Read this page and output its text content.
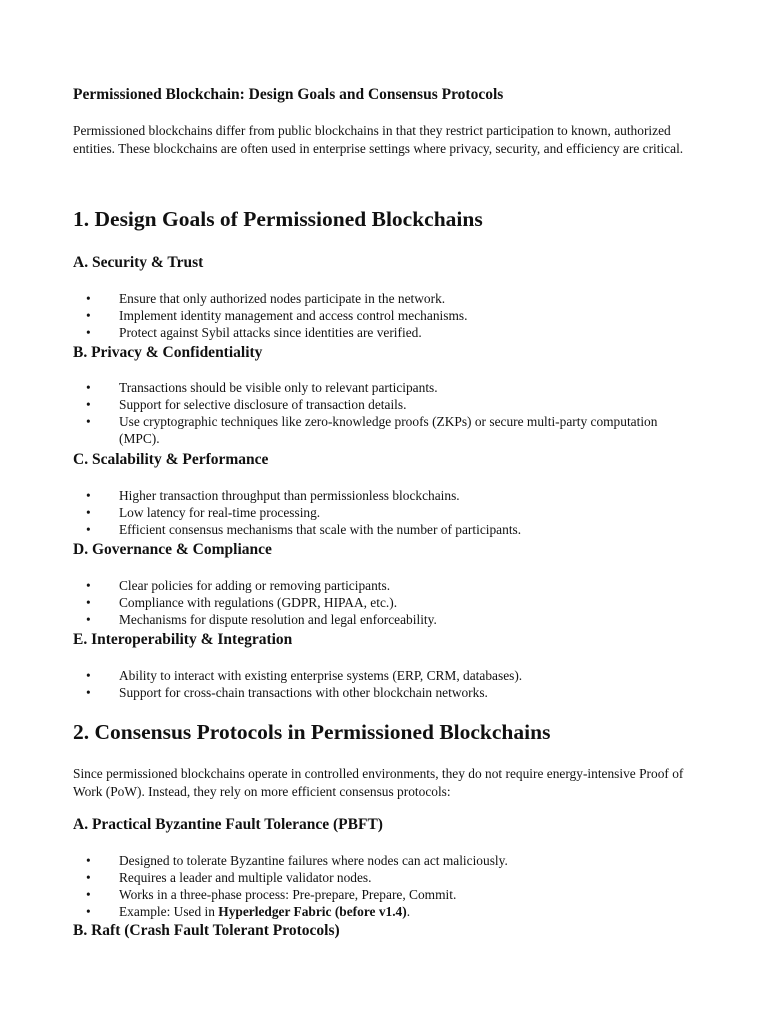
Permissioned Blockchain: Design Goals and Consensus Protocols
Permissioned blockchains differ from public blockchains in that they restrict participation to known, authorized entities. These blockchains are often used in enterprise settings where privacy, security, and efficiency are critical.
1. Design Goals of Permissioned Blockchains
A. Security & Trust
• Ensure that only authorized nodes participate in the network.
• Implement identity management and access control mechanisms.
• Protect against Sybil attacks since identities are verified.
B. Privacy & Confidentiality
• Transactions should be visible only to relevant participants.
• Support for selective disclosure of transaction details.
• Use cryptographic techniques like zero-knowledge proofs (ZKPs) or secure multi-party computation (MPC).
C. Scalability & Performance
• Higher transaction throughput than permissionless blockchains.
• Low latency for real-time processing.
• Efficient consensus mechanisms that scale with the number of participants.
D. Governance & Compliance
• Clear policies for adding or removing participants.
• Compliance with regulations (GDPR, HIPAA, etc.).
• Mechanisms for dispute resolution and legal enforceability.
E. Interoperability & Integration
• Ability to interact with existing enterprise systems (ERP, CRM, databases).
• Support for cross-chain transactions with other blockchain networks.
2. Consensus Protocols in Permissioned Blockchains
Since permissioned blockchains operate in controlled environments, they do not require energy-intensive Proof of Work (PoW). Instead, they rely on more efficient consensus protocols:
A. Practical Byzantine Fault Tolerance (PBFT)
• Designed to tolerate Byzantine failures where nodes can act maliciously.
• Requires a leader and multiple validator nodes.
• Works in a three-phase process: Pre-prepare, Prepare, Commit.
• Example: Used in Hyperledger Fabric (before v1.4).
B. Raft (Crash Fault Tolerant Protocols)
